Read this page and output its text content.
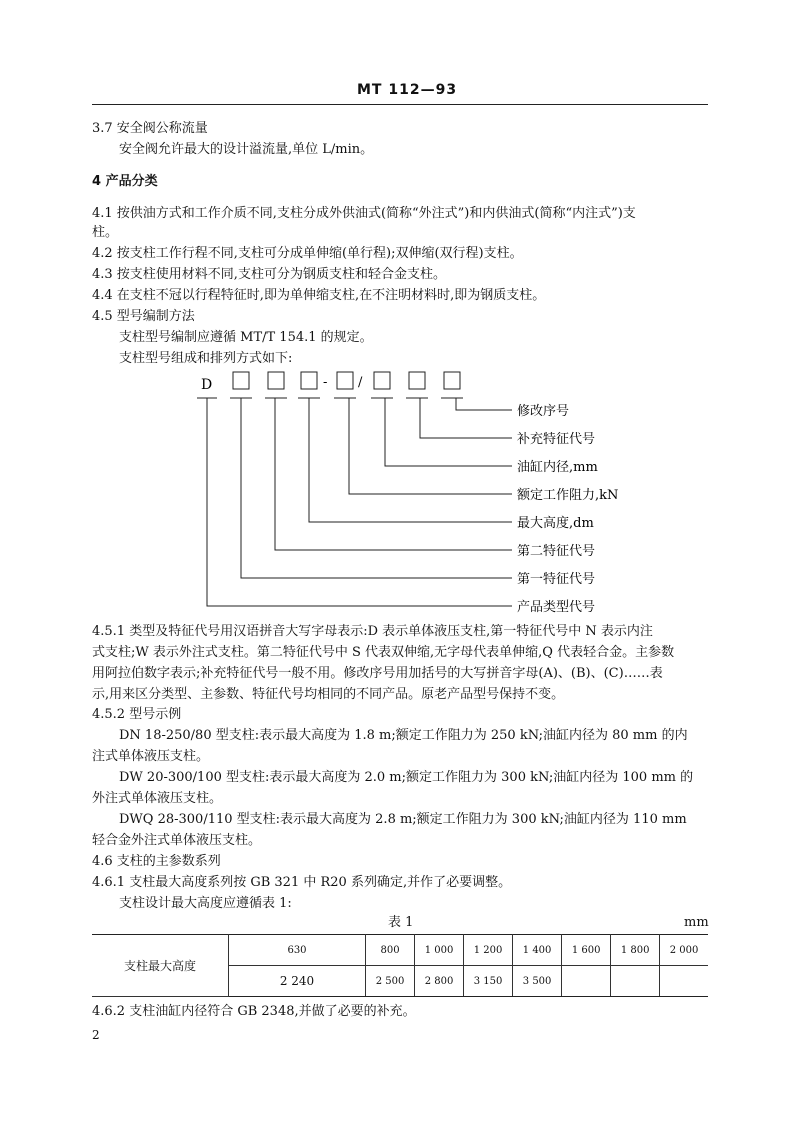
MT 112—93
3.7 安全阀公称流量
安全阀允许最大的设计溢流量,单位 L/min。
4 产品分类
4.1 按供油方式和工作介质不同,支柱分成外供油式(简称“外注式”)和内供油式(简称“内注式”)支
柱。
4.2 按支柱工作行程不同,支柱可分成单伸缩(单行程);双伸缩(双行程)支柱。
4.3 按支柱使用材料不同,支柱可分为钢质支柱和轻合金支柱。
4.4 在支柱不冠以行程特征时,即为单伸缩支柱,在不注明材料时,即为钢质支柱。
4.5 型号编制方法
支柱型号编制应遵循 MT/T 154.1 的规定。
支柱型号组成和排列方式如下:
D	- /
修改序号
补充特征代号
油缸内径,mm
额定工作阻力,kN
最大高度,dm
第二特征代号
第一特征代号
产品类型代号
4.5.1 类型及特征代号用汉语拼音大写字母表示:D 表示单体液压支柱,第一特征代号中 N 表示内注
式支柱;W 表示外注式支柱。第二特征代号中 S 代表双伸缩,无字母代表单伸缩,Q 代表轻合金。主参数
用阿拉伯数字表示;补充特征代号一般不用。修改序号用加括号的大写拼音字母(A)、(B)、(C)……表
示,用来区分类型、主参数、特征代号均相同的不同产品。原老产品型号保持不变。
4.5.2 型号示例
DN 18-250/80 型支柱:表示最大高度为 1.8 m;额定工作阻力为 250 kN;油缸内径为 80 mm 的内
注式单体液压支柱。
DW 20-300/100 型支柱:表示最大高度为 2.0 m;额定工作阻力为 300 kN;油缸内径为 100 mm 的
外注式单体液压支柱。
DWQ 28-300/110 型支柱:表示最大高度为 2.8 m;额定工作阻力为 300 kN;油缸内径为 110 mm
轻合金外注式单体液压支柱。
4.6 支柱的主参数系列
4.6.1 支柱最大高度系列按 GB 321 中 R20 系列确定,并作了必要调整。
支柱设计最大高度应遵循表 1:
表 1	mm
支柱最大高度	630	800	1 000	1 200	1 400	1 600	1 800	2 000
	2 240	2 500	2 800	3 150	3 500			
4.6.2 支柱油缸内径符合 GB 2348,并做了必要的补充。
2
